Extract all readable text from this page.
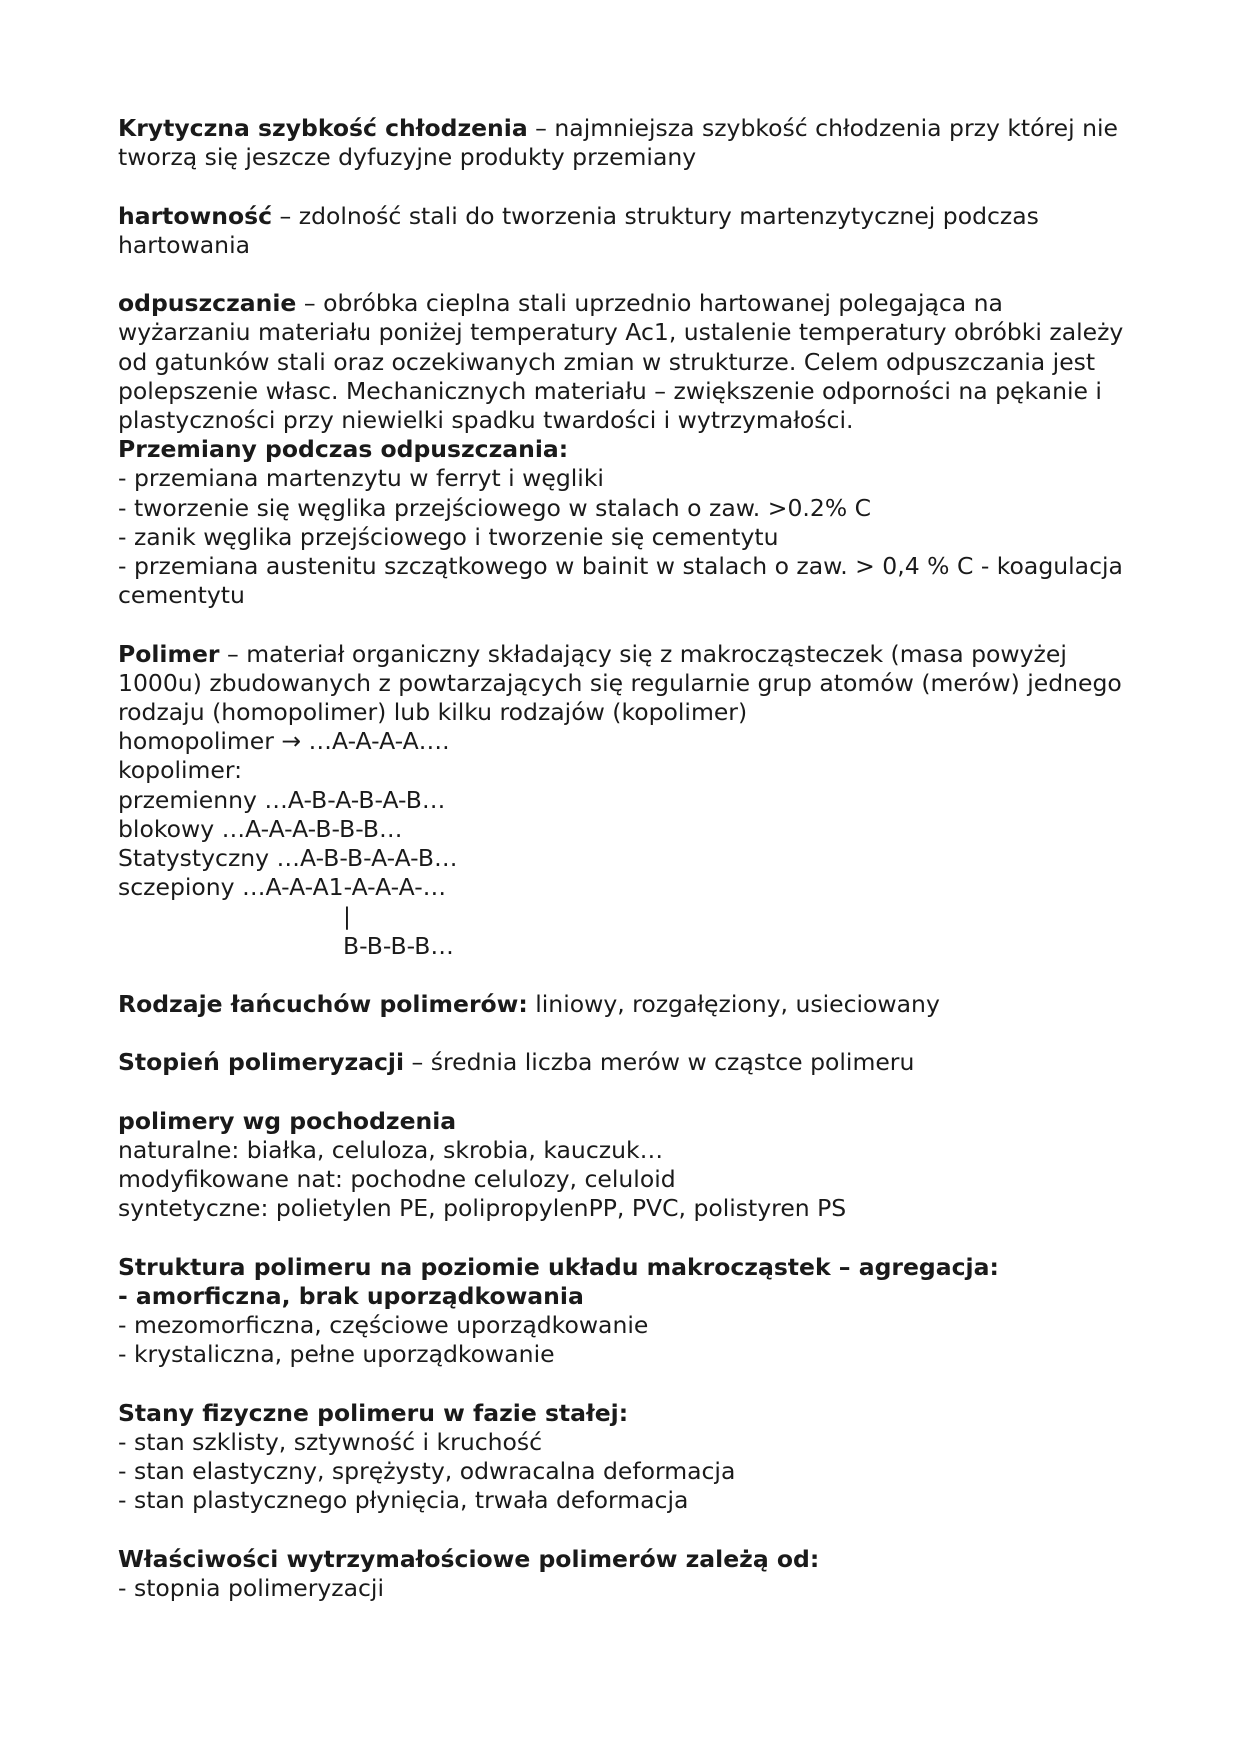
Krytyczna szybkość chłodzenia – najmniejsza szybkość chłodzenia przy której nie tworzą się jeszcze dyfuzyjne produkty przemiany

hartowność – zdolność stali do tworzenia struktury martenzytycznej podczas hartowania

odpuszczanie – obróbka cieplna stali uprzednio hartowanej polegająca na wyżarzaniu materiału poniżej temperatury Ac1, ustalenie temperatury obróbki zależy od gatunków stali oraz oczekiwanych zmian w strukturze. Celem odpuszczania jest polepszenie własc. Mechanicznych materiału – zwiększenie odporności na pękanie i plastyczności przy niewielki spadku twardości i wytrzymałości.

Przemiany podczas odpuszczania:

- przemiana martenzytu w ferryt i węgliki

- tworzenie się węglika przejściowego w stalach o zaw. >0.2% C

- zanik węglika przejściowego i tworzenie się cementytu

- przemiana austenitu szczątkowego w bainit w stalach o zaw. > 0,4 % C - koagulacja cementytu

Polimer – materiał organiczny składający się z makrocząsteczek (masa powyżej 1000u) zbudowanych z powtarzających się regularnie grup atomów (merów) jednego rodzaju (homopolimer) lub kilku rodzajów (kopolimer)

homopolimer → …A-A-A-A….

kopolimer:

przemienny …A-B-A-B-A-B…

blokowy …A-A-A-B-B-B…

Statystyczny …A-B-B-A-A-B…

sczepiony …A-A-A1-A-A-A-…

|

B-B-B-B…

Rodzaje łańcuchów polimerów: liniowy, rozgałęziony, usieciowany

Stopień polimeryzacji – średnia liczba merów w cząstce polimeru

polimery wg pochodzenia

naturalne: białka, celuloza, skrobia, kauczuk…

modyfikowane nat: pochodne celulozy, celuloid

syntetyczne: polietylen PE, polipropylenPP, PVC, polistyren PS

Struktura polimeru na poziomie układu makrocząstek – agregacja:

- amorficzna, brak uporządkowania

- mezomorficzna, częściowe uporządkowanie

- krystaliczna, pełne uporządkowanie

Stany fizyczne polimeru w fazie stałej:

- stan szklisty, sztywność i kruchość

- stan elastyczny, sprężysty, odwracalna deformacja

- stan plastycznego płynięcia, trwała deformacja

Właściwości wytrzymałościowe polimerów zależą od:

- stopnia polimeryzacji
